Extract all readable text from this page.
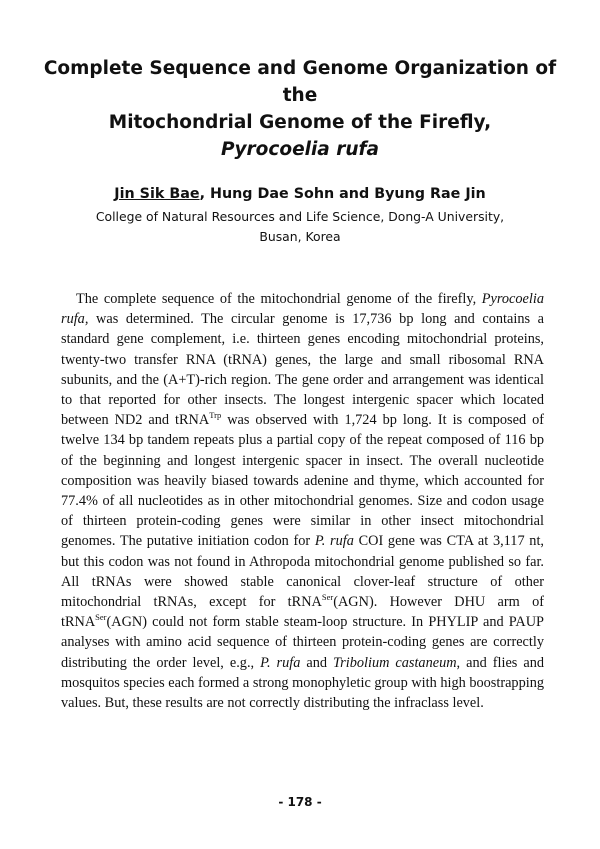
Complete Sequence and Genome Organization of the
Mitochondrial Genome of the Firefly,
Pyrocoelia rufa
Jin Sik Bae, Hung Dae Sohn and Byung Rae Jin
College of Natural Resources and Life Science, Dong-A University,
Busan, Korea

The complete sequence of the mitochondrial genome of the firefly, Pyrocoelia rufa, was determined. The circular genome is 17,736 bp long and contains a standard gene complement, i.e. thirteen genes encoding mitochondrial proteins, twenty-two transfer RNA (tRNA) genes, the large and small ribosomal RNA subunits, and the (A+T)-rich region. The gene order and arrangement was identical to that reported for other insects. The longest intergenic spacer which located between ND2 and tRNA$^{Trp}$ was observed with 1,724 bp long. It is composed of twelve 134 bp tandem repeats plus a partial copy of the repeat composed of 116 bp of the beginning and longest intergenic spacer in insect. The overall nucleotide composition was heavily biased towards adenine and thyme, which accounted for 77.4% of all nucleotides as in other mitochondrial genomes. Size and codon usage of thirteen protein-coding genes were similar in other insect mitochondrial genomes. The putative initiation codon for P. rufa COI gene was CTA at 3,117 nt, but this codon was not found in Athropoda mitochondrial genome published so far. All tRNAs were showed stable canonical clover-leaf structure of other mitochondrial tRNAs, except for tRNA$^{Ser}$(AGN). However DHU arm of tRNA$^{Ser}$(AGN) could not form stable steam-loop structure. In PHYLIP and PAUP analyses with amino acid sequence of thirteen protein-coding genes are correctly distributing the order level, e.g., P. rufa and Tribolium castaneum, and flies and mosquitos species each formed a strong monophyletic group with high boostrapping values. But, these results are not correctly distributing the infraclass level.

- 178 -
